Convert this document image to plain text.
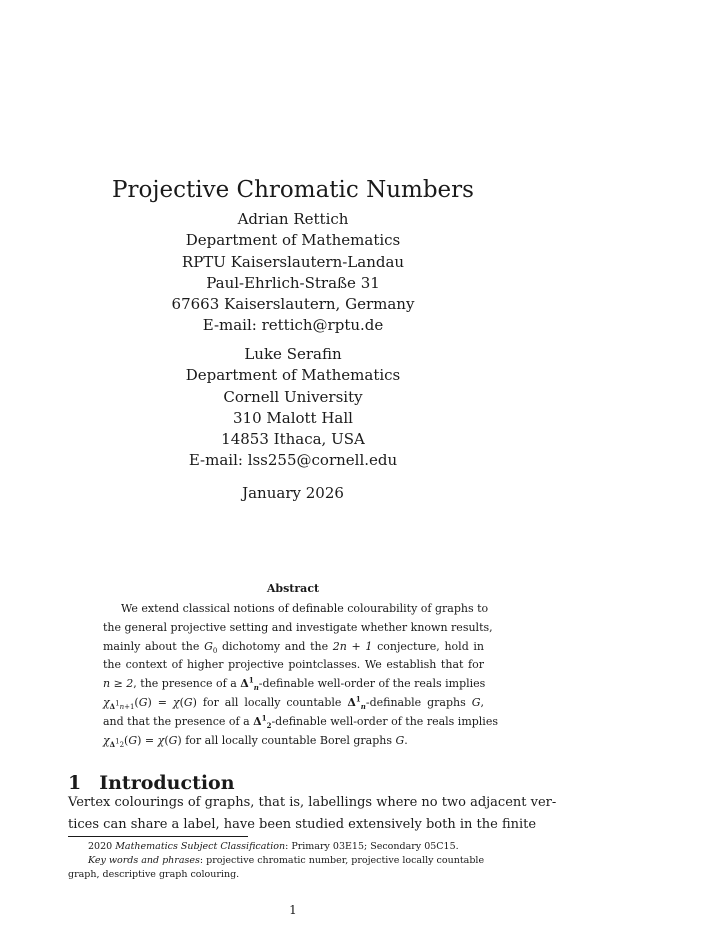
Projective Chromatic Numbers
Adrian Rettich
Department of Mathematics
RPTU Kaiserslautern-Landau
Paul-Ehrlich-Straße 31
67663 Kaiserslautern, Germany
E-mail: rettich@rptu.de
Luke Serafin
Department of Mathematics
Cornell University
310 Malott Hall
14853 Ithaca, USA
E-mail: lss255@cornell.edu
January 2026
Abstract
We extend classical notions of definable colourability of graphs to
the general projective setting and investigate whether known results,
mainly about the $G_0$ dichotomy and the 2n + 1 conjecture, hold in
the context of higher projective pointclasses. We establish that for
n ≥ 2, the presence of a $\Delta^1_n$-definable well-order of the reals implies
$\chi_{\Delta^1n+1}(G) = \chi(G)$ for all locally countable $\Delta^1_n$-definable graphs G,
and that the presence of a $\Delta^1_2$-definable well-order of the reals implies
$\chi_{\Delta^12}(G) = \chi(G)$ for all locally countable Borel graphs G.
1 Introduction
Vertex colourings of graphs, that is, labellings where no two adjacent ver-
tices can share a label, have been studied extensively both in the finite
2020 Mathematics Subject Classification: Primary 03E15; Secondary 05C15.
Key words and phrases: projective chromatic number, projective locally countable
graph, descriptive graph colouring.
1
